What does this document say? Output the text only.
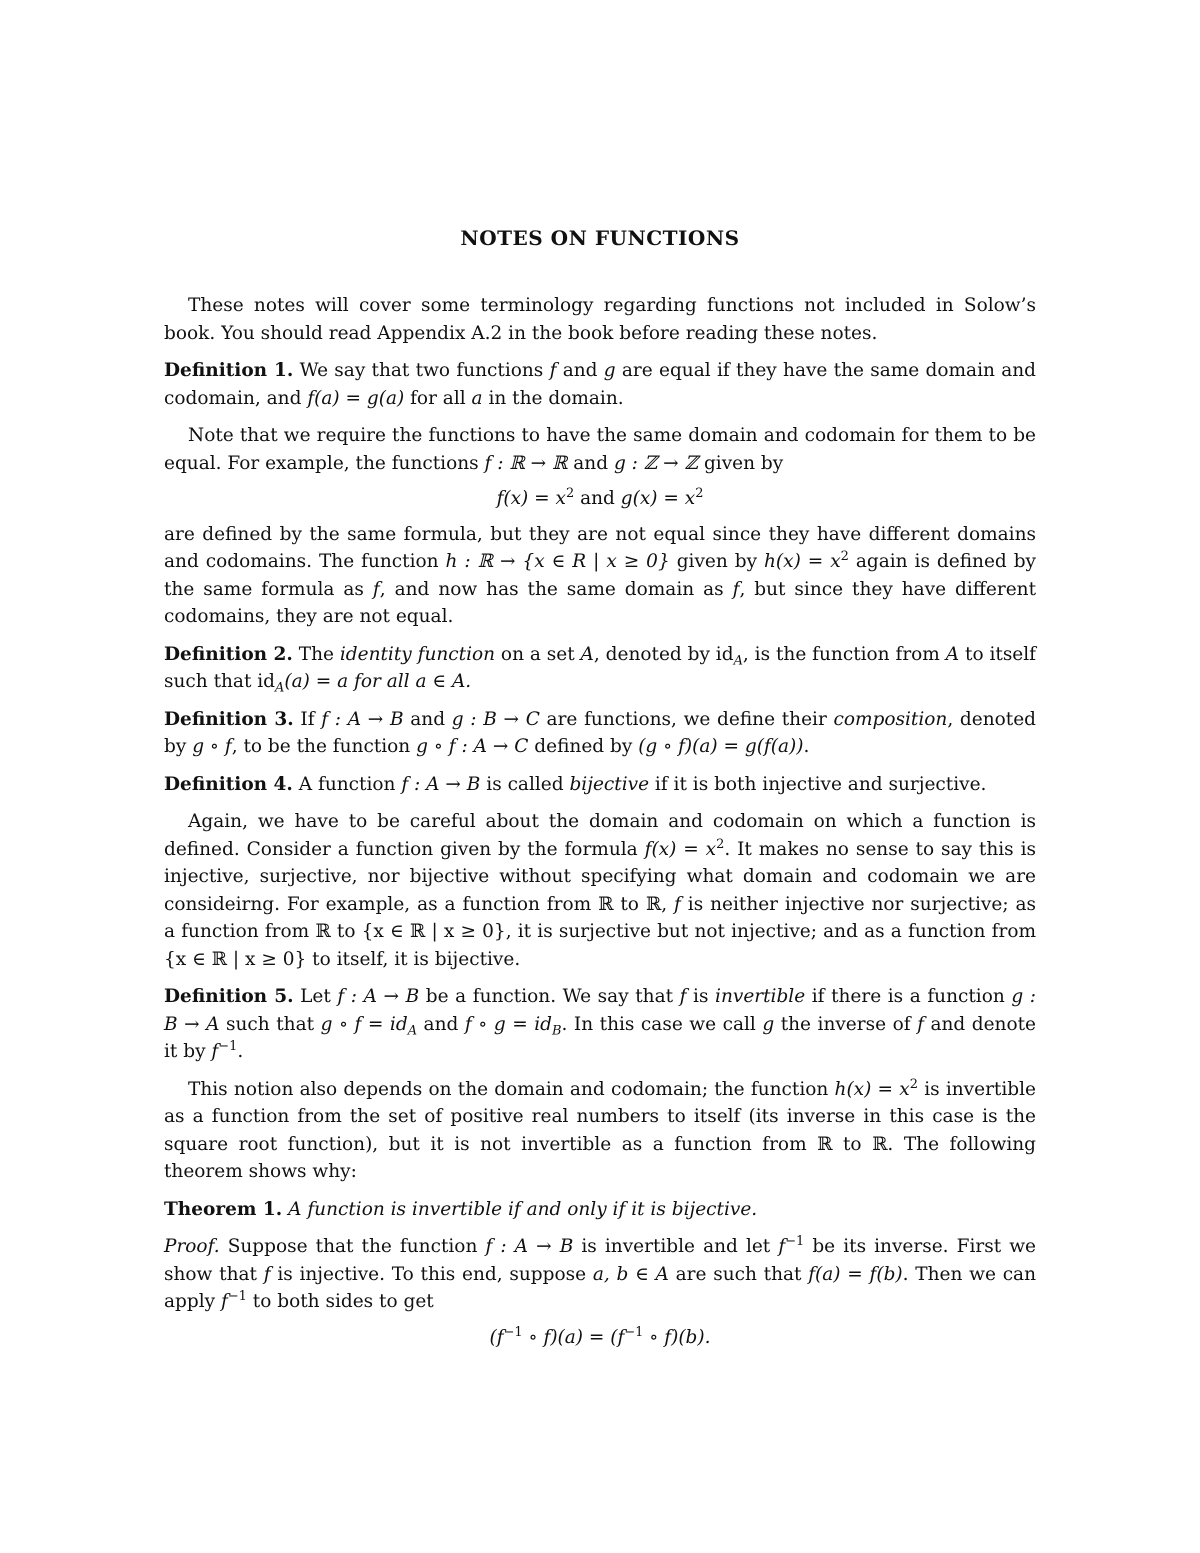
NOTES ON FUNCTIONS

These notes will cover some terminology regarding functions not included in Solow’s book. You should read Appendix A.2 in the book before reading these notes.

Definition 1. We say that two functions f and g are equal if they have the same domain and codomain, and f(a) = g(a) for all a in the domain.

Note that we require the functions to have the same domain and codomain for them to be equal. For example, the functions f : ℝ → ℝ and g : ℤ → ℤ given by

$f(x) = x^2$ and $g(x) = x^2$

are defined by the same formula, but they are not equal since they have different domains and codomains. The function h : ℝ → {x ∈ R | x ≥ 0} given by $h(x) = x^2$ again is defined by the same formula as f, and now has the same domain as f, but since they have different codomains, they are not equal.

Definition 2. The identity function on a set A, denoted by $id_A$, is the function from A to itself such that $id_A(a) = a$ for all a ∈ A.

Definition 3. If f : A → B and g : B → C are functions, we define their composition, denoted by g ∘ f, to be the function g ∘ f : A → C defined by (g ∘ f)(a) = g(f(a)).

Definition 4. A function f : A → B is called bijective if it is both injective and surjective.

Again, we have to be careful about the domain and codomain on which a function is defined. Consider a function given by the formula $f(x) = x^2$. It makes no sense to say this is injective, surjective, nor bijective without specifying what domain and codomain we are consideirng. For example, as a function from ℝ to ℝ, f is neither injective nor surjective; as a function from ℝ to {x ∈ ℝ | x ≥ 0}, it is surjective but not injective; and as a function from {x ∈ ℝ | x ≥ 0} to itself, it is bijective.

Definition 5. Let f : A → B be a function. We say that f is invertible if there is a function g : B → A such that g ∘ $f = id_A$ and f ∘ $g = id_B$. In this case we call g the inverse of f and denote it by $f^{-1}$.

This notion also depends on the domain and codomain; the function $h(x) = x^2$ is invertible as a function from the set of positive real numbers to itself (its inverse in this case is the square root function), but it is not invertible as a function from ℝ to ℝ. The following theorem shows why:

Theorem 1. A function is invertible if and only if it is bijective.

Proof. Suppose that the function f : A → B is invertible and let $f^{-1}$ be its inverse. First we show that f is injective. To this end, suppose a, b ∈ A are such that f(a) = f(b). Then we can apply $f^{-1}$ to both sides to get

($f^{-1}$ ∘ $f)(a) = (f^{-1}$ ∘ f)(b).
